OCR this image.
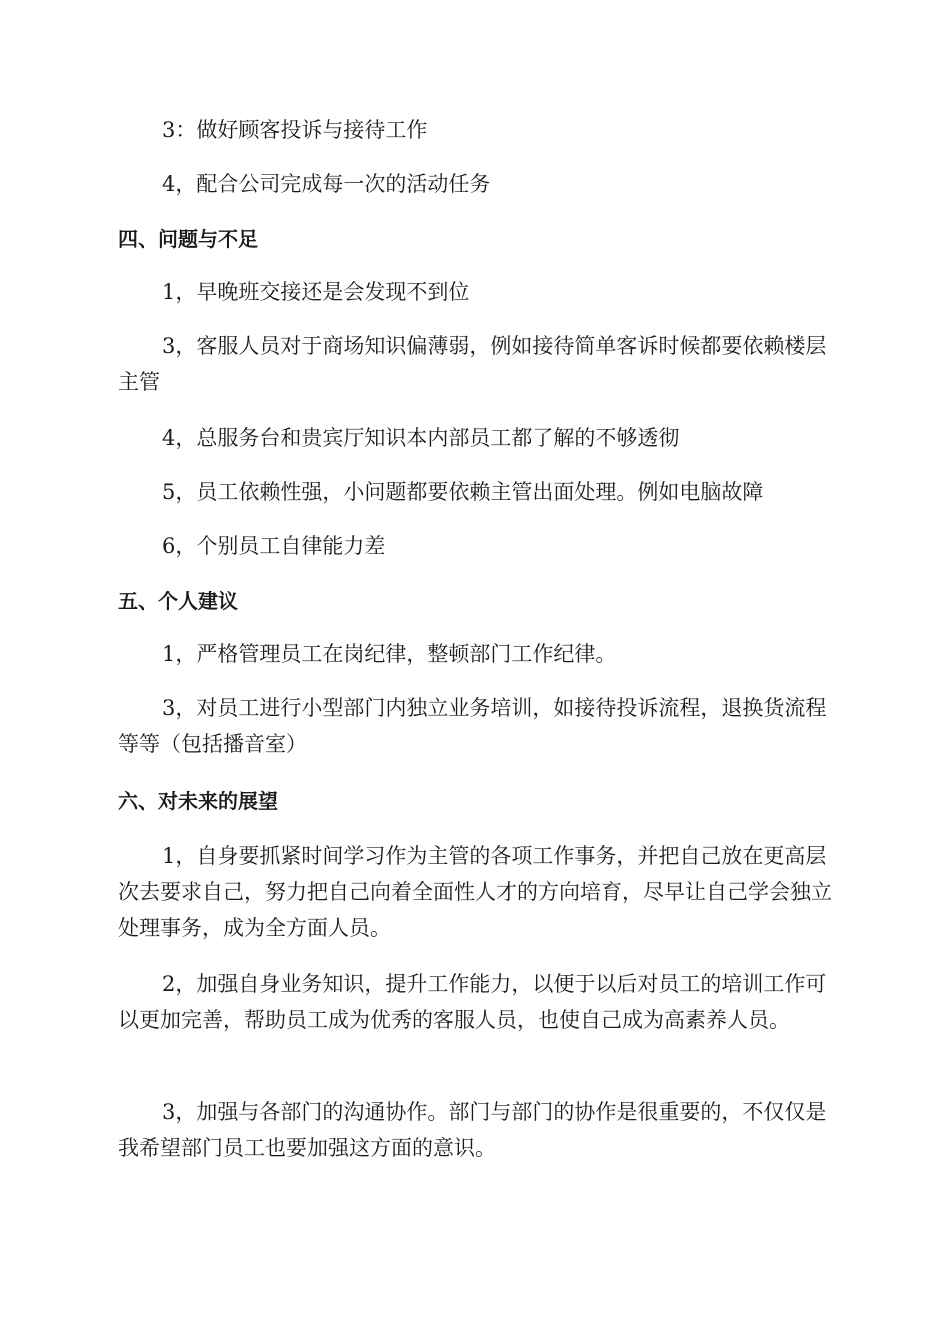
3：做好顾客投诉与接待工作
4，配合公司完成每一次的活动任务
四、问题与不足
1，早晚班交接还是会发现不到位
3，客服人员对于商场知识偏薄弱，例如接待简单客诉时候都要依赖楼层主管
4，总服务台和贵宾厅知识本内部员工都了解的不够透彻
5，员工依赖性强，小问题都要依赖主管出面处理。例如电脑故障
6，个别员工自律能力差
五、个人建议
1，严格管理员工在岗纪律，整顿部门工作纪律。
3，对员工进行小型部门内独立业务培训，如接待投诉流程，退换货流程等等（包括播音室）
六、对未来的展望
1，自身要抓紧时间学习作为主管的各项工作事务，并把自己放在更高层次去要求自己，努力把自己向着全面性人才的方向培育，尽早让自己学会独立处理事务，成为全方面人员。
2，加强自身业务知识，提升工作能力，以便于以后对员工的培训工作可以更加完善，帮助员工成为优秀的客服人员，也使自己成为高素养人员。
3，加强与各部门的沟通协作。部门与部门的协作是很重要的，不仅仅是我希望部门员工也要加强这方面的意识。
